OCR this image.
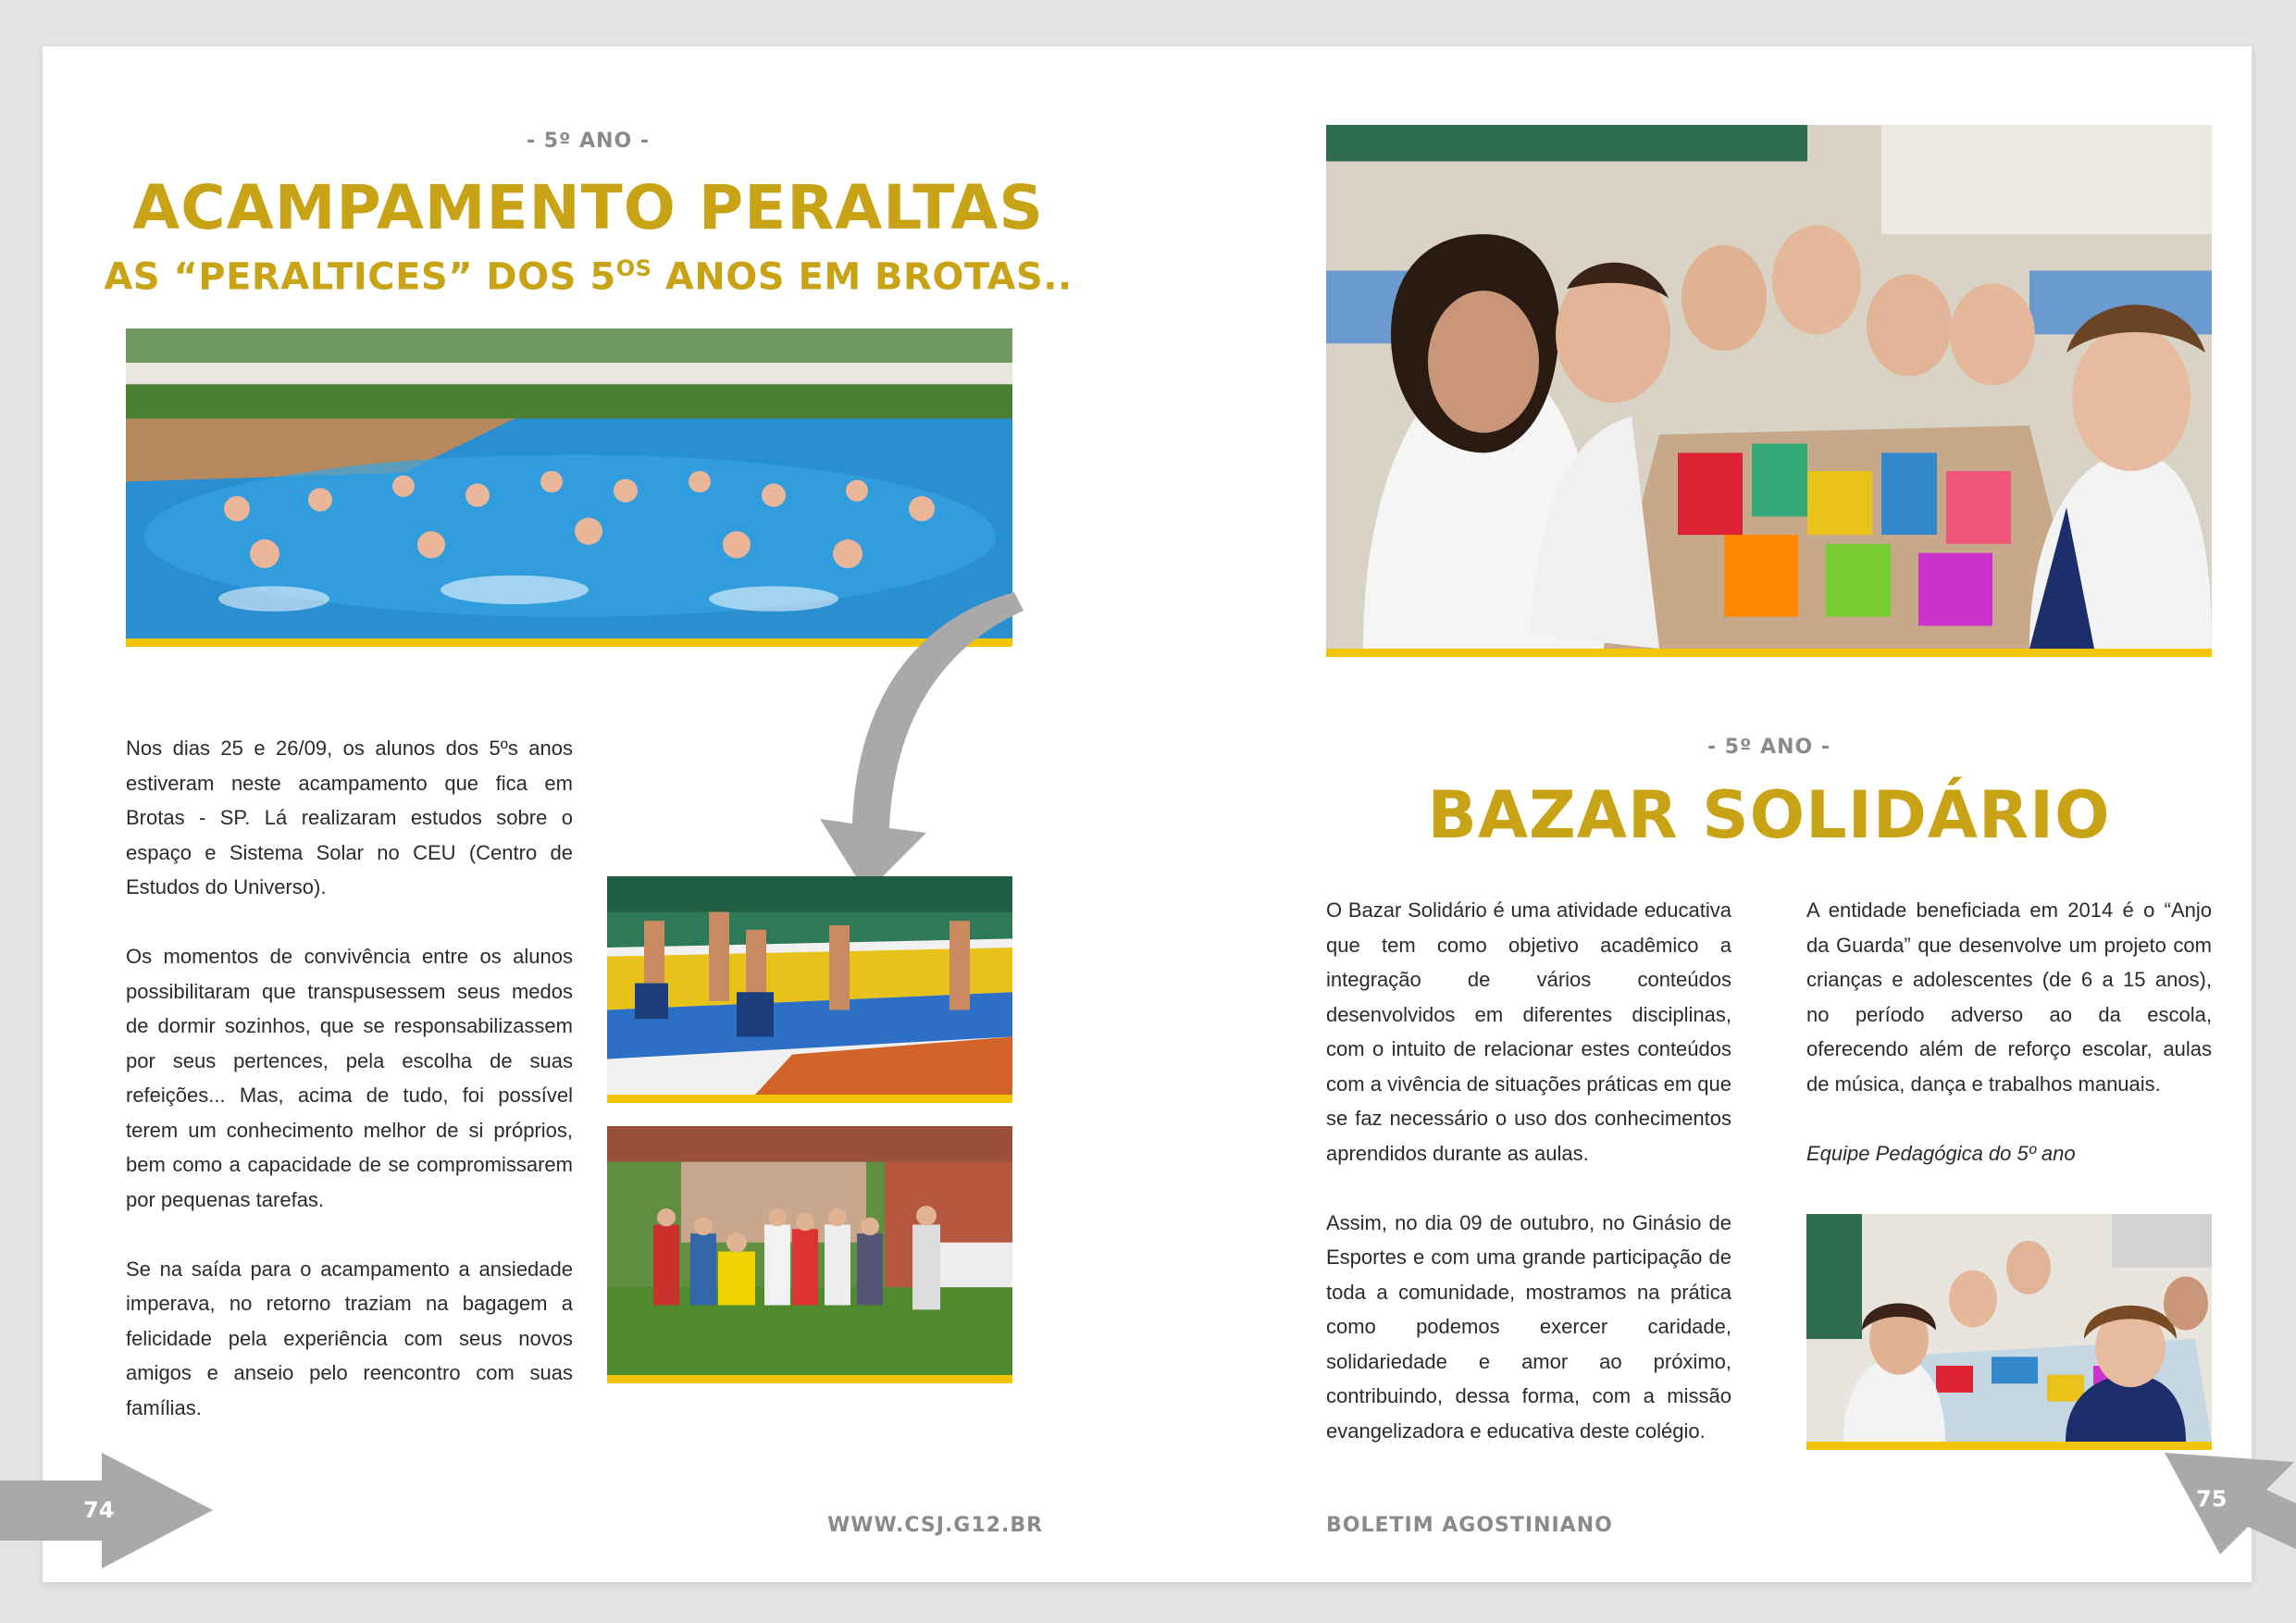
- 5º ANO -
ACAMPAMENTO PERALTAS
AS “PERALTICES” DOS $5^{OS}$ ANOS EM BROTAS..

Nos dias 25 e 26/09, os alunos dos 5ºs anos estiveram neste acampamento que fica em Brotas - SP. Lá realizaram estudos sobre o espaço e Sistema Solar no CEU (Centro de Estudos do Universo).

Os momentos de convivência entre os alunos possibilitaram que transpusessem seus medos de dormir sozinhos, que se responsabilizassem por seus pertences, pela escolha de suas refeições... Mas, acima de tudo, foi possível terem um conhecimento melhor de si próprios, bem como a capacidade de se compromissarem por pequenas tarefas.

Se na saída para o acampamento a ansiedade imperava, no retorno traziam na bagagem a felicidade pela experiência com seus novos amigos e anseio pelo reencontro com suas famílias.

74
WWW.CSJ.G12.BR
- 5º ANO -
BAZAR SOLIDÁRIO

O Bazar Solidário é uma atividade educativa que tem como objetivo acadêmico a integração de vários conteúdos desenvolvidos em diferentes disciplinas, com o intuito de relacionar estes conteúdos com a vivência de situações práticas em que se faz necessário o uso dos conhecimentos aprendidos durante as aulas.

Assim, no dia 09 de outubro, no Ginásio de Esportes e com uma grande participação de toda a comunidade, mostramos na prática como podemos exercer caridade, solidariedade e amor ao próximo, contribuindo, dessa forma, com a missão evangelizadora e educativa deste colégio.

A entidade beneficiada em 2014 é o “Anjo da Guarda” que desenvolve um projeto com crianças e adolescentes (de 6 a 15 anos), no período adverso ao da escola, oferecendo além de reforço escolar, aulas de música, dança e trabalhos manuais.

Equipe Pedagógica do 5º ano

BOLETIM AGOSTINIANO
75
